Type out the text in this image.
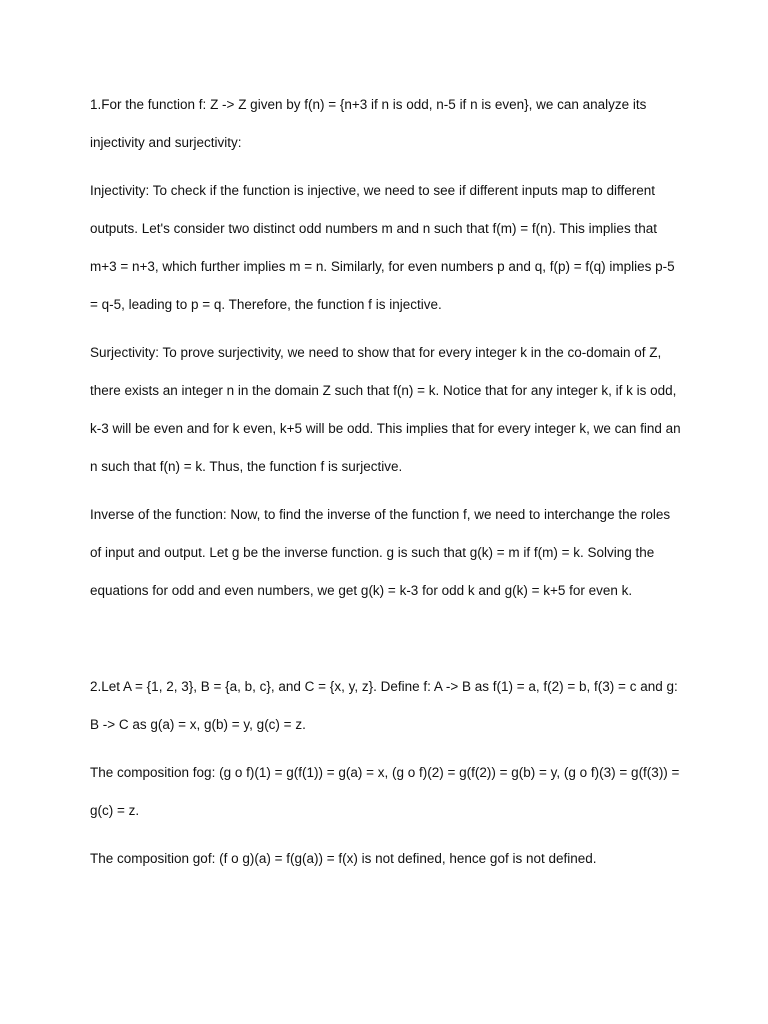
1.For the function f: Z -> Z given by f(n) = {n+3 if n is odd, n-5 if n is even}, we can analyze its injectivity and surjectivity:

Injectivity: To check if the function is injective, we need to see if different inputs map to different outputs. Let's consider two distinct odd numbers m and n such that f(m) = f(n). This implies that m+3 = n+3, which further implies m = n. Similarly, for even numbers p and q, f(p) = f(q) implies p-5 = q-5, leading to p = q. Therefore, the function f is injective.

Surjectivity: To prove surjectivity, we need to show that for every integer k in the co-domain of Z, there exists an integer n in the domain Z such that f(n) = k. Notice that for any integer k, if k is odd, k-3 will be even and for k even, k+5 will be odd. This implies that for every integer k, we can find an n such that f(n) = k. Thus, the function f is surjective.

Inverse of the function: Now, to find the inverse of the function f, we need to interchange the roles of input and output. Let g be the inverse function. g is such that g(k) = m if f(m) = k. Solving the equations for odd and even numbers, we get g(k) = k-3 for odd k and g(k) = k+5 for even k.

2.Let A = {1, 2, 3}, B = {a, b, c}, and C = {x, y, z}. Define f: A -> B as f(1) = a, f(2) = b, f(3) = c and g: B -> C as g(a) = x, g(b) = y, g(c) = z.

The composition fog: (g o f)(1) = g(f(1)) = g(a) = x, (g o f)(2) = g(f(2)) = g(b) = y, (g o f)(3) = g(f(3)) = g(c) = z.

The composition gof: (f o g)(a) = f(g(a)) = f(x) is not defined, hence gof is not defined.
